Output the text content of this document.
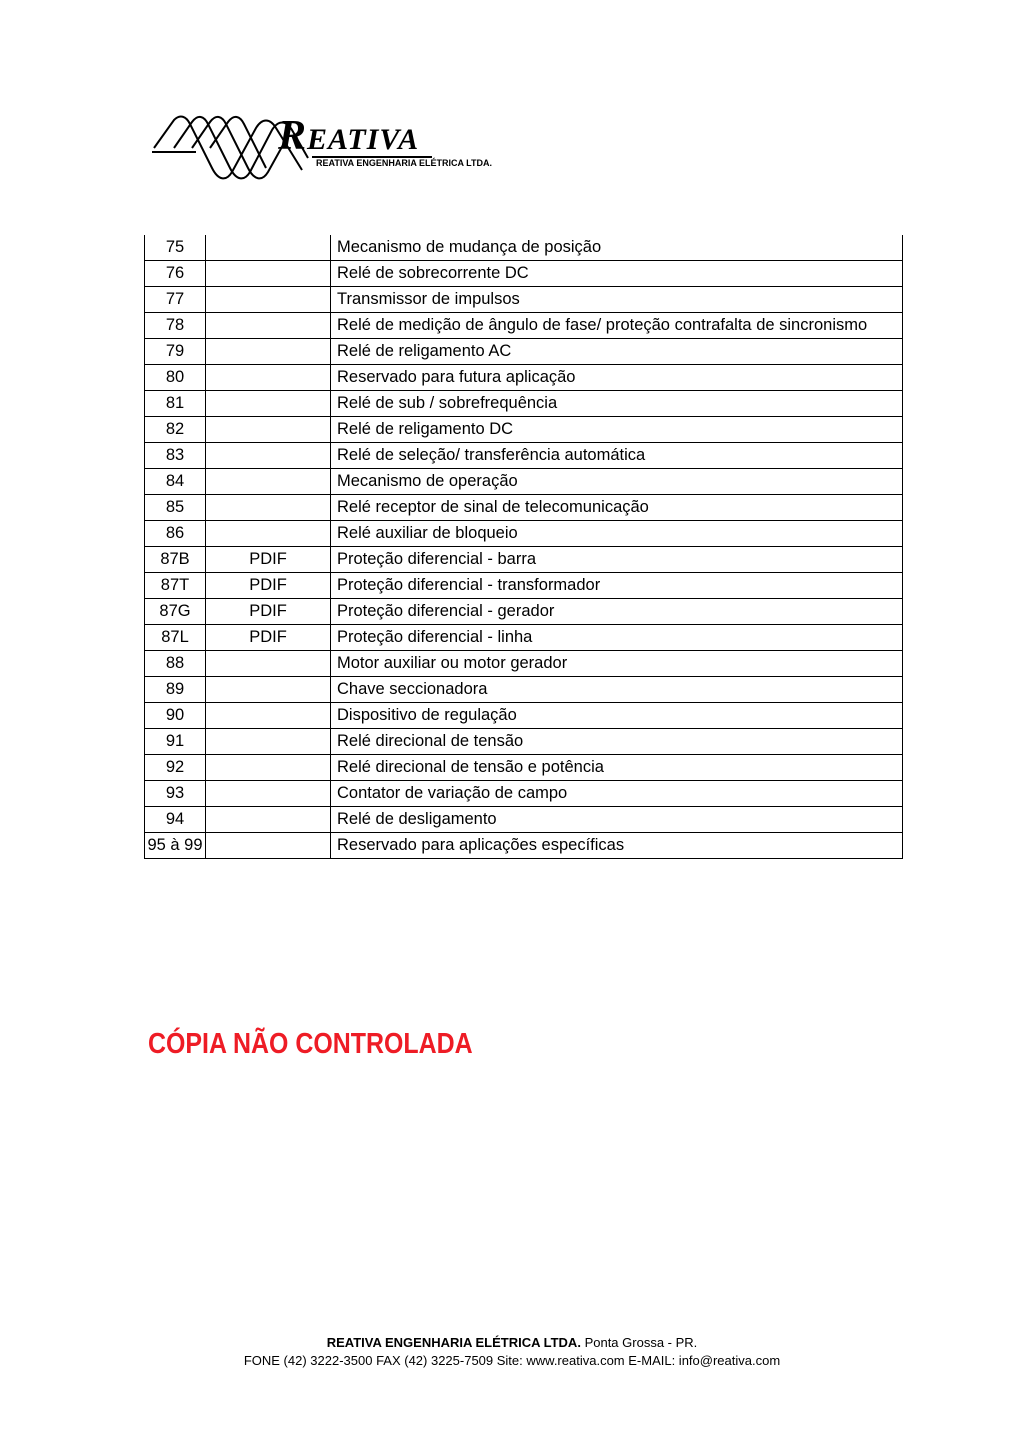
REATIVA
REATIVA ENGENHARIA ELÉTRICA LTDA.
75		Mecanismo de mudança de posição
76		Relé de sobrecorrente DC
77		Transmissor de impulsos
78		Relé de medição de ângulo de fase/ proteção contrafalta de sincronismo
79		Relé de religamento AC
80		Reservado para futura aplicação
81		Relé de sub / sobrefrequência
82		Relé de religamento DC
83		Relé de seleção/ transferência automática
84		Mecanismo de operação
85		Relé receptor de sinal de telecomunicação
86		Relé auxiliar de bloqueio
87B	PDIF	Proteção diferencial - barra
87T	PDIF	Proteção diferencial - transformador
87G	PDIF	Proteção diferencial - gerador
87L	PDIF	Proteção diferencial - linha
88		Motor auxiliar ou motor gerador
89		Chave seccionadora
90		Dispositivo de regulação
91		Relé direcional de tensão
92		Relé direcional de tensão e potência
93		Contator de variação de campo
94		Relé de desligamento
95 à 99		Reservado para aplicações específicas
CÓPIA NÃO CONTROLADA
REATIVA ENGENHARIA ELÉTRICA LTDA. Ponta Grossa - PR.
FONE (42) 3222-3500 FAX (42) 3225-7509 Site: www.reativa.com E-MAIL: info@reativa.com
